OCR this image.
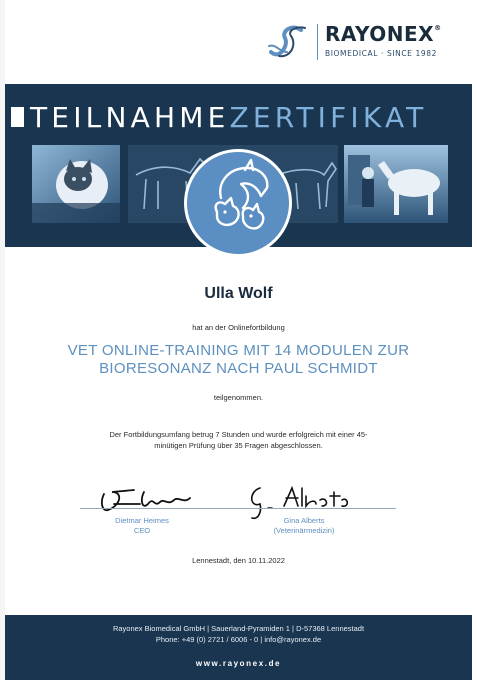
RAYONEX®
BIOMEDICAL · SINCE 1982
TEILNAHMEZERTIFIKAT
Ulla Wolf
hat an der Onlinefortbildung
VET ONLINE-TRAINING MIT 14 MODULEN ZUR
BIORESONANZ NACH PAUL SCHMIDT
teilgenommen.
Der Fortbildungsumfang betrug 7 Stunden und wurde erfolgreich mit einer 45-
minütigen Prüfung über 35 Fragen abgeschlossen.
Dietmar Heimes
CEO
Gina Alberts
(Veterinärmedizin)
Lennestadt, den 10.11.2022
Rayonex Biomedical GmbH | Sauerland-Pyramiden 1 | D-57368 Lennestadt
Phone: +49 (0) 2721 / 6006 - 0 | info@rayonex.de
www.rayonex.de
